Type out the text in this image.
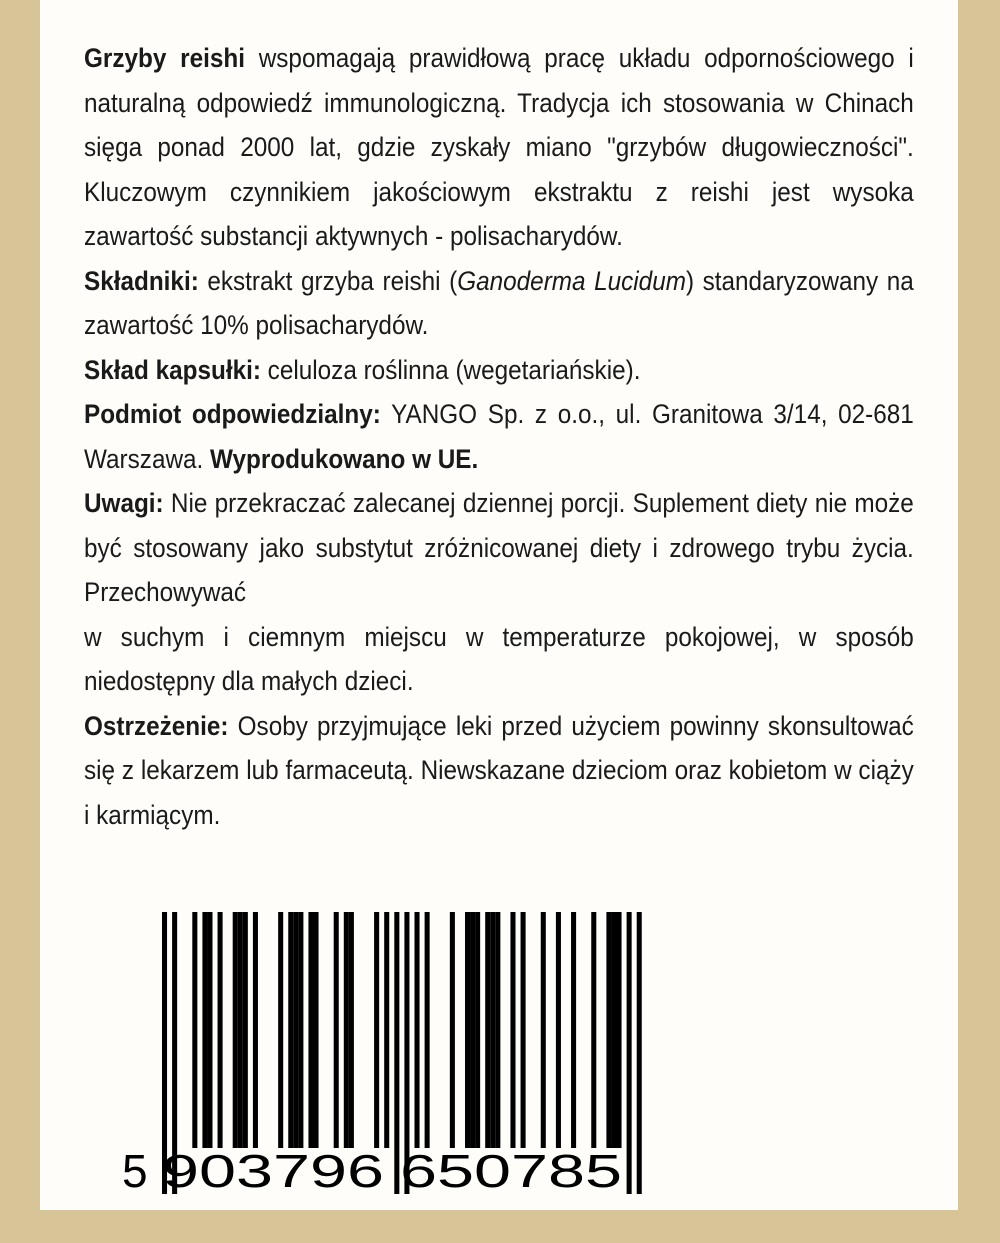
Grzyby reishi wspomagają prawidłową pracę układu odpornościowego i naturalną odpowiedź immunologiczną. Tradycja ich stosowania w Chinach sięga ponad 2000 lat, gdzie zyskały miano "grzybów długowieczności". Kluczowym czynnikiem jakościowym ekstraktu z reishi jest wysoka zawartość substancji aktywnych - polisacharydów.

Składniki: ekstrakt grzyba reishi (Ganoderma Lucidum) standaryzowany na zawartość 10% polisacharydów.

Skład kapsułki: celuloza roślinna (wegetariańskie).

Podmiot odpowiedzialny: YANGO Sp. z o.o., ul. Granitowa 3/14, 02-681 Warszawa. Wyprodukowano w UE.

Uwagi: Nie przekraczać zalecanej dziennej porcji. Suplement diety nie może być stosowany jako substytut zróżnicowanej diety i zdrowego trybu życia. Przechowywać

w suchym i ciemnym miejscu w temperaturze pokojowej, w sposób niedostępny dla małych dzieci.

Ostrzeżenie: Osoby przyjmujące leki przed użyciem powinny skonsultować się z lekarzem lub farmaceutą. Niewskazane dzieciom oraz kobietom w ciąży i karmiącym.

5 903796 650785
